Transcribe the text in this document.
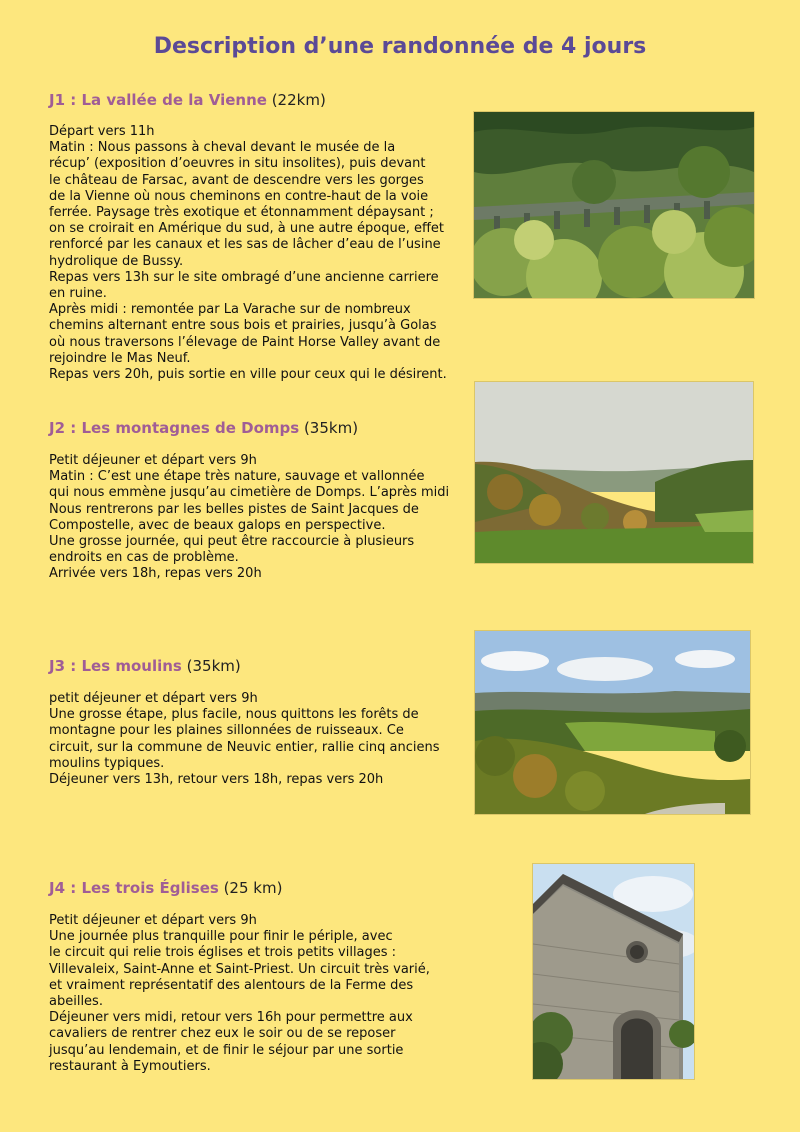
Description d’une randonnée de 4 jours
J1 : La vallée de la Vienne (22km)
Départ vers 11h
Matin : Nous passons à cheval devant le musée de la
récup’ (exposition d’oeuvres in situ insolites), puis devant
le château de Farsac, avant de descendre vers les gorges
de la Vienne où nous cheminons en contre-haut de la voie
ferrée. Paysage très exotique et étonnamment dépaysant ;
on se croirait en Amérique du sud, à une autre époque, effet
renforcé par les canaux et les sas de lâcher d’eau de l’usine
hydrolique de Bussy.
Repas vers 13h sur le site ombragé d’une ancienne carriere
en ruine.
Après midi : remontée par La Varache sur de nombreux
chemins alternant entre sous bois et prairies, jusqu’à Golas
où nous traversons l’élevage de Paint Horse Valley avant de
rejoindre le Mas Neuf.
Repas vers 20h, puis sortie en ville pour ceux qui le désirent.
J2 : Les montagnes de Domps (35km)
Petit déjeuner et départ vers 9h
Matin : C’est une étape très nature, sauvage et vallonnée
qui nous emmène jusqu’au cimetière de Domps. L’après midi
Nous rentrerons par les belles pistes de Saint Jacques de
Compostelle, avec de beaux galops en perspective.
Une grosse journée, qui peut être raccourcie à plusieurs
endroits en cas de problème.
Arrivée vers 18h, repas vers 20h
J3 : Les moulins (35km)
petit déjeuner et départ vers 9h
Une grosse étape, plus facile, nous quittons les forêts de
montagne pour les plaines sillonnées de ruisseaux. Ce
circuit, sur la commune de Neuvic entier, rallie cinq anciens
moulins typiques.
Déjeuner vers 13h, retour vers 18h, repas vers 20h
J4 : Les trois Églises (25 km)
Petit déjeuner et départ vers 9h
Une journée plus tranquille pour finir le périple, avec
le circuit qui relie trois églises et trois petits villages :
Villevaleix, Saint-Anne et Saint-Priest. Un circuit très varié,
et vraiment représentatif des alentours de la Ferme des
abeilles.
Déjeuner vers midi, retour vers 16h pour permettre aux
cavaliers de rentrer chez eux le soir ou de se reposer
jusqu’au lendemain, et de finir le séjour par une sortie
restaurant à Eymoutiers.
